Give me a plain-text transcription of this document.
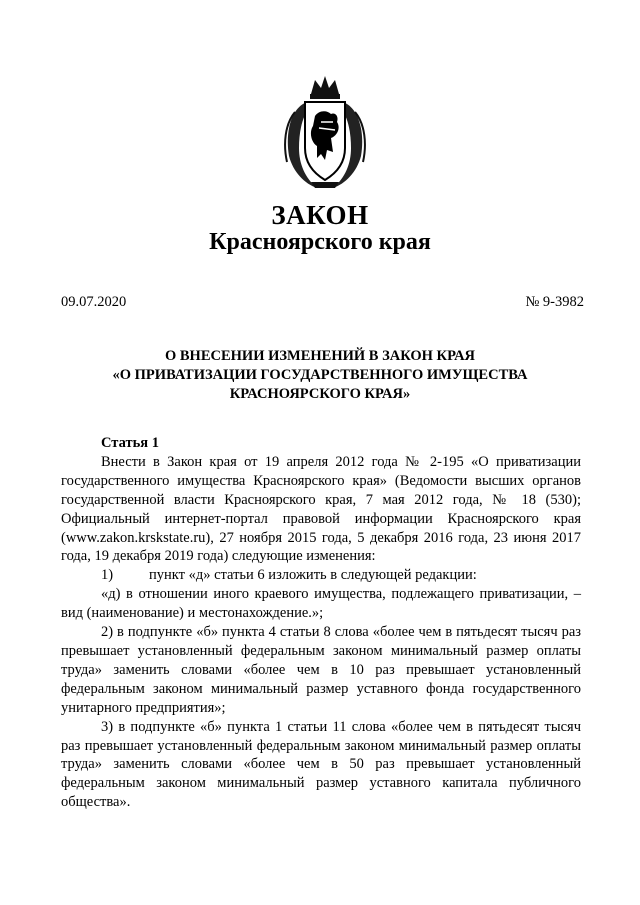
ЗАКОН
Красноярского края
09.07.2020	№ 9-3982
О ВНЕСЕНИИ ИЗМЕНЕНИЙ В ЗАКОН КРАЯ
«О ПРИВАТИЗАЦИИ ГОСУДАРСТВЕННОГО ИМУЩЕСТВА
КРАСНОЯРСКОГО КРАЯ»

Статья 1

Внести в Закон края от 19 апреля 2012 года № 2-195 «О приватизации государственного имущества Красноярского края» (Ведомости высших органов государственной власти Красноярского края, 7 мая 2012 года, № 18 (530); Официальный интернет-портал правовой информации Красноярского края (www.zakon.krskstate.ru), 27 ноября 2015 года, 5 декабря 2016 года, 23 июня 2017 года, 19 декабря 2019 года) следующие изменения:

1) пункт «д» статьи 6 изложить в следующей редакции:

«д) в отношении иного краевого имущества, подлежащего приватизации, – вид (наименование) и местонахождение.»;

2) в подпункте «б» пункта 4 статьи 8 слова «более чем в пятьдесят тысяч раз превышает установленный федеральным законом минимальный размер оплаты труда» заменить словами «более чем в 10 раз превышает установленный федеральным законом минимальный размер уставного фонда государственного унитарного предприятия»;

3) в подпункте «б» пункта 1 статьи 11 слова «более чем в пятьдесят тысяч раз превышает установленный федеральным законом минимальный размер оплаты труда» заменить словами «более чем в 50 раз превышает установленный федеральным законом минимальный размер уставного капитала публичного общества».
